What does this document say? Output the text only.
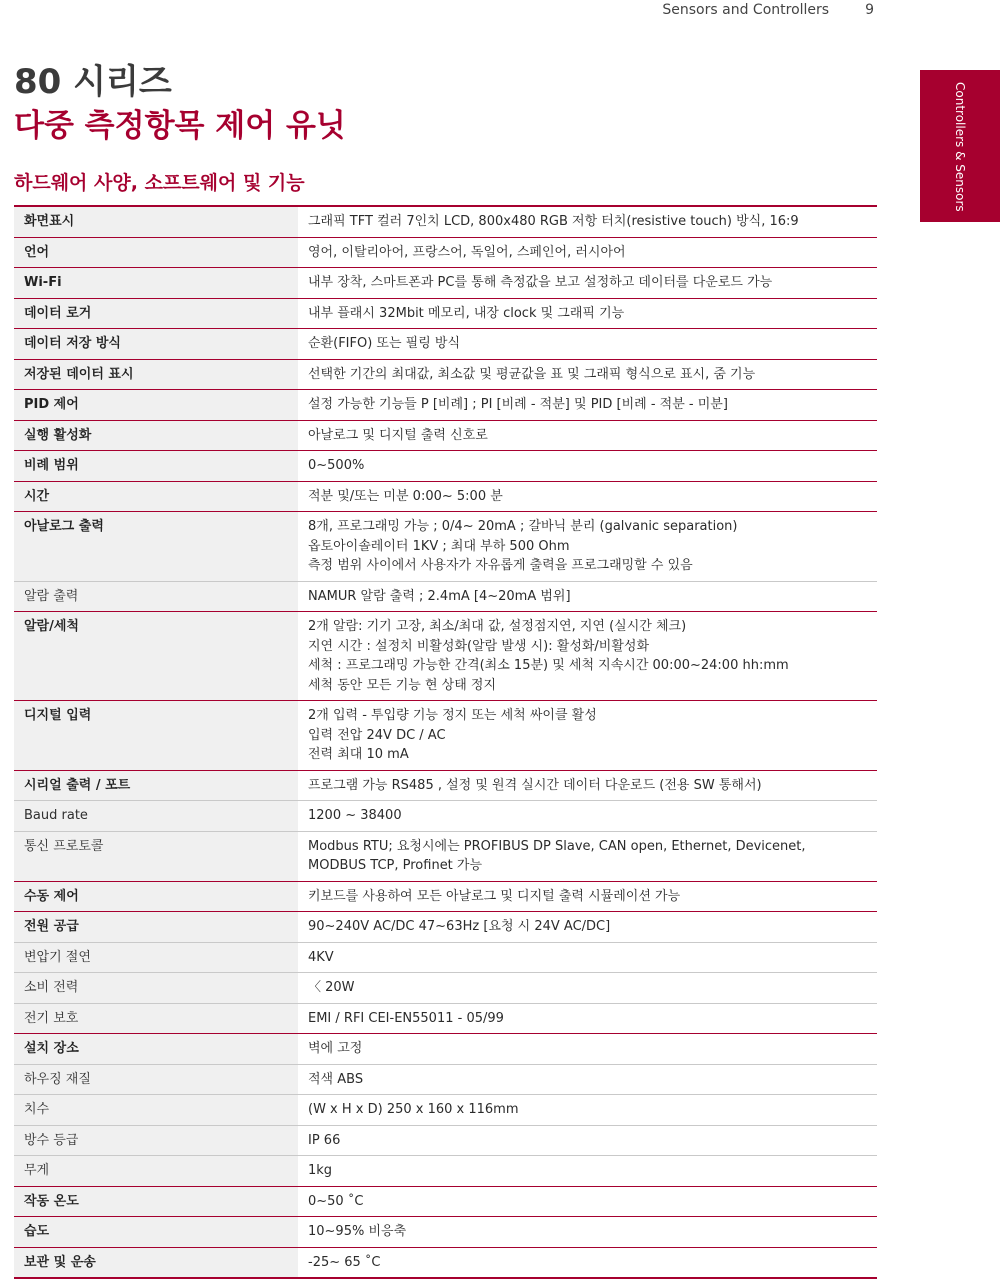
Sensors and Controllers	9
Controllers & Sensors
80 시리즈
다중 측정항목 제어 유닛
하드웨어 사양, 소프트웨어 및 기능
화면표시	그래픽 TFT 컬러 7인치 LCD, 800x480 RGB 저항 터치(resistive touch) 방식, 16:9

언어	영어, 이탈리아어, 프랑스어, 독일어, 스페인어, 러시아어

Wi-Fi	내부 장착, 스마트폰과 PC를 통해 측정값을 보고 설정하고 데이터를 다운로드 가능

데이터 로거	내부 플래시 32Mbit 메모리, 내장 clock 및 그래픽 기능

데이터 저장 방식	순환(FIFO) 또는 필링 방식

저장된 데이터 표시	선택한 기간의 최대값, 최소값 및 평균값을 표 및 그래픽 형식으로 표시, 줌 기능

PID 제어	설정 가능한 기능들 P [비례] ; PI [비례 - 적분] 및 PID [비례 - 적분 - 미분]

실행 활성화	아날로그 및 디지털 출력 신호로

비례 범위	0~500%

시간	적분 및/또는 미분 0:00~ 5:00 분

아날로그 출력	8개, 프로그래밍 가능 ; 0/4~ 20mA ; 갈바닉 분리 (galvanic separation)
옵토아이솔레이터 1KV ; 최대 부하 500 Ohm
측정 범위 사이에서 사용자가 자유롭게 출력을 프로그래밍할 수 있음

알람 출력	NAMUR 알람 출력 ; 2.4mA [4~20mA 범위]

알람/세척	2개 알람: 기기 고장, 최소/최대 값, 설정점지연, 지연 (실시간 체크)
지연 시간 : 설정치 비활성화(알람 발생 시): 활성화/비활성화
세척 : 프로그래밍 가능한 간격(최소 15분) 및 세척 지속시간 00:00~24:00 hh:mm
세척 동안 모든 기능 현 상태 정지

디지털 입력	2개 입력 - 투입량 기능 정지 또는 세척 싸이클 활성
입력 전압 24V DC / AC
전력 최대 10 mA

시리얼 출력 / 포트	프로그램 가능 RS485 , 설정 및 원격 실시간 데이터 다운로드 (전용 SW 통해서)

Baud rate	1200 ~ 38400

통신 프로토콜	Modbus RTU; 요청시에는 PROFIBUS DP Slave, CAN open, Ethernet, Devicenet,
MODBUS TCP, Profinet 가능

수동 제어	키보드를 사용하여 모든 아날로그 및 디지털 출력 시뮬레이션 가능

전원 공급	90~240V AC/DC 47~63Hz [요청 시 24V AC/DC]

변압기 절연	4KV

소비 전력	〈 20W

전기 보호	EMI / RFI CEI-EN55011 - 05/99

설치 장소	벽에 고정

하우징 재질	적색 ABS

치수	(W x H x D) 250 x 160 x 116mm

방수 등급	IP 66

무게	1kg

작동 온도	0~50 ˚C

습도	10~95% 비응축

보관 및 운송	-25~ 65 ˚C
